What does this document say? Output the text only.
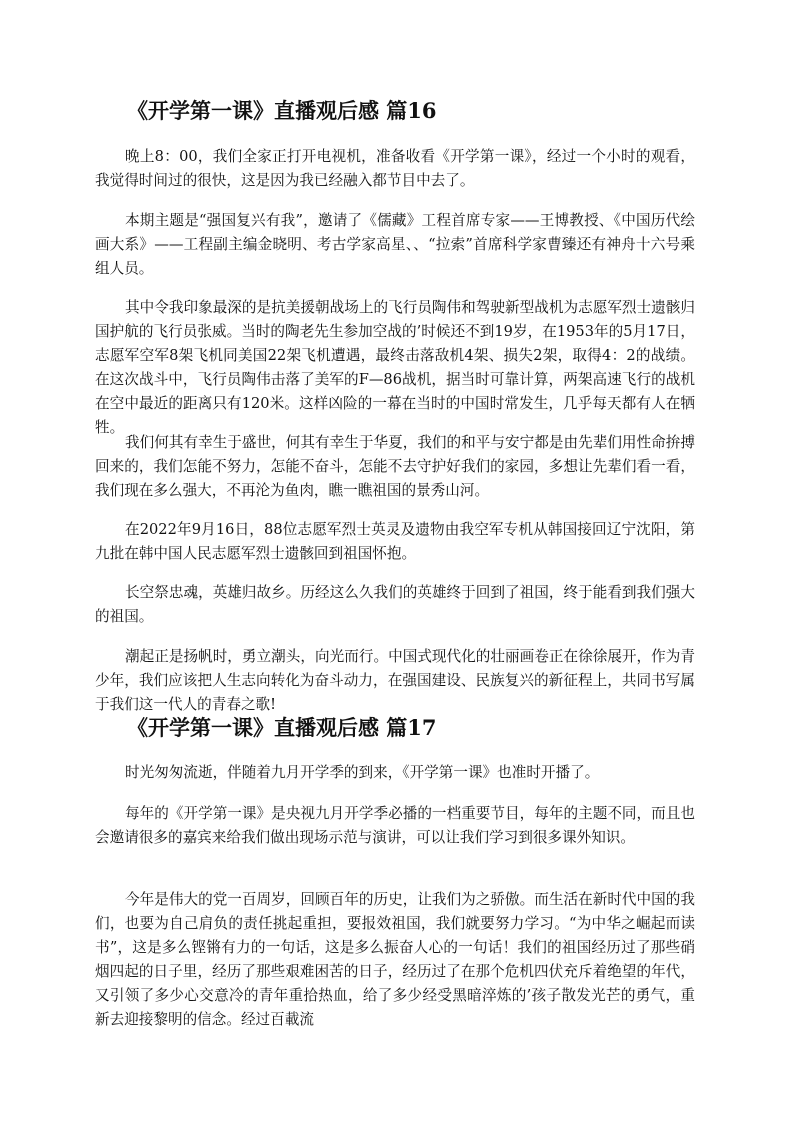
《开学第一课》直播观后感 篇16

晚上8：00，我们全家正打开电视机，准备收看《开学第一课》，经过一个小时的观看，我觉得时间过的很快，这是因为我已经融入都节目中去了。

本期主题是“强国复兴有我”，邀请了《儒藏》工程首席专家——王博教授、《中国历代绘画大系》——工程副主编金晓明、考古学家高星、、“拉索”首席科学家曹臻还有神舟十六号乘组人员。

其中令我印象最深的是抗美援朝战场上的飞行员陶伟和驾驶新型战机为志愿军烈士遗骸归国护航的飞行员张威。当时的陶老先生参加空战的’时候还不到19岁，在1953年的5月17日，志愿军空军8架飞机同美国22架飞机遭遇，最终击落敌机4架、损失2架，取得4：2的战绩。在这次战斗中，飞行员陶伟击落了美军的F—86战机，据当时可靠计算，两架高速飞行的战机在空中最近的距离只有120米。这样凶险的一幕在当时的中国时常发生，几乎每天都有人在牺牲。

我们何其有幸生于盛世，何其有幸生于华夏，我们的和平与安宁都是由先辈们用性命拚搏回来的，我们怎能不努力，怎能不奋斗，怎能不去守护好我们的家园，多想让先辈们看一看，我们现在多么强大，不再沦为鱼肉，瞧一瞧祖国的景秀山河。

在2022年9月16日，88位志愿军烈士英灵及遗物由我空军专机从韩国接回辽宁沈阳，第九批在韩中国人民志愿军烈士遗骸回到祖国怀抱。

长空祭忠魂，英雄归故乡。历经这么久我们的英雄终于回到了祖国，终于能看到我们强大的祖国。

潮起正是扬帆时，勇立潮头，向光而行。中国式现代化的壮丽画卷正在徐徐展开，作为青少年，我们应该把人生志向转化为奋斗动力，在强国建设、民族复兴的新征程上，共同书写属于我们这一代人的青春之歌!

《开学第一课》直播观后感 篇17

时光匆匆流逝，伴随着九月开学季的到来，《开学第一课》也准时开播了。

每年的《开学第一课》是央视九月开学季必播的一档重要节目，每年的主题不同，而且也会邀请很多的嘉宾来给我们做出现场示范与演讲，可以让我们学习到很多课外知识。

今年是伟大的党一百周岁，回顾百年的历史，让我们为之骄傲。而生活在新时代中国的我们，也要为自己肩负的责任挑起重担，要报效祖国，我们就要努力学习。“为中华之崛起而读书”，这是多么铿锵有力的一句话，这是多么振奋人心的一句话！我们的祖国经历过了那些硝烟四起的日子里，经历了那些艰难困苦的日子，经历过了在那个危机四伏充斥着绝望的年代，又引领了多少心交意冷的青年重拾热血，给了多少经受黑暗淬炼的’孩子散发光芒的勇气，重新去迎接黎明的信念。经过百載流
